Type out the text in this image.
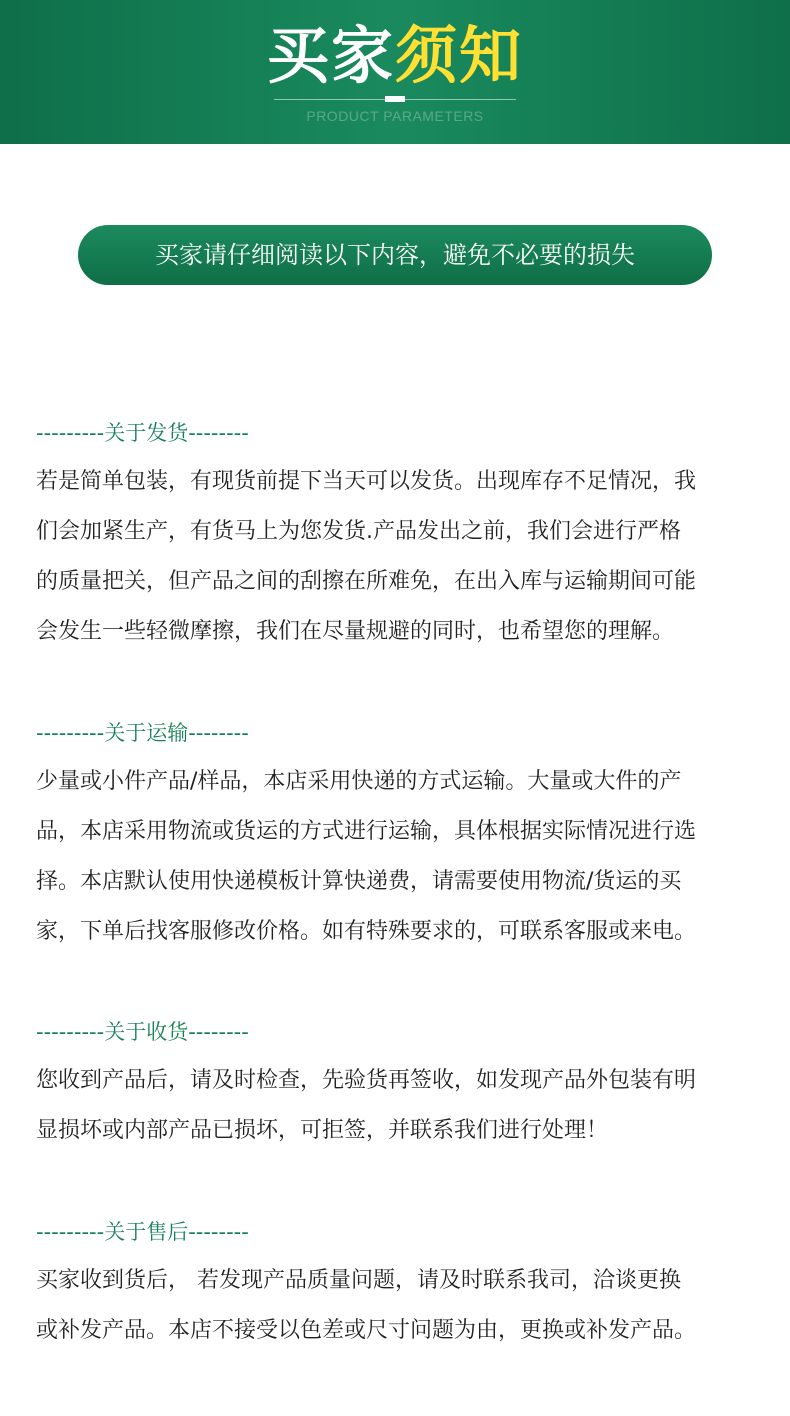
买家须知
PRODUCT PARAMETERS
买家请仔细阅读以下内容，避免不必要的损失
---------关于发货--------

若是简单包装，有现货前提下当天可以发货。出现库存不足情况，我

们会加紧生产，有货马上为您发货.产品发出之前，我们会进行严格

的质量把关，但产品之间的刮擦在所难免，在出入库与运输期间可能

会发生一些轻微摩擦，我们在尽量规避的同时，也希望您的理解。

---------关于运输--------

少量或小件产品/样品，本店采用快递的方式运输。大量或大件的产

品，本店采用物流或货运的方式进行运输，具体根据实际情况进行选

择。本店默认使用快递模板计算快递费，请需要使用物流/货运的买

家，下单后找客服修改价格。如有特殊要求的，可联系客服或来电。

---------关于收货--------

您收到产品后，请及时检查，先验货再签收，如发现产品外包装有明

显损坏或内部产品已损坏，可拒签，并联系我们进行处理！

---------关于售后--------

买家收到货后， 若发现产品质量问题，请及时联系我司，洽谈更换

或补发产品。本店不接受以色差或尺寸问题为由，更换或补发产品。
